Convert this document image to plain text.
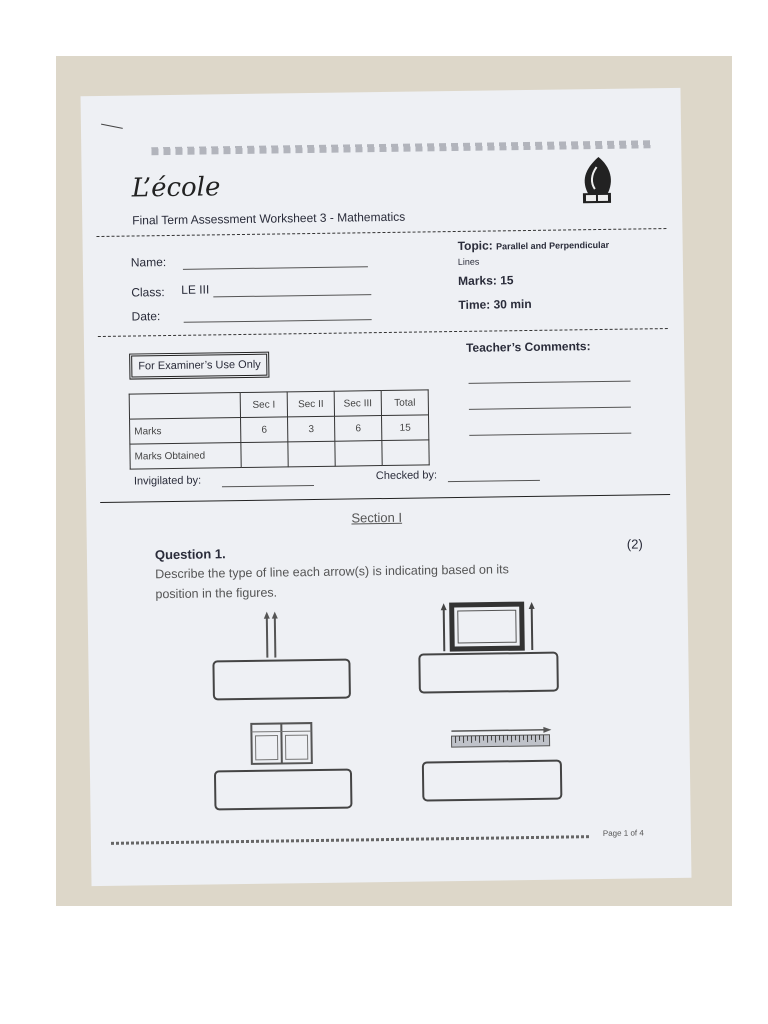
L’école
Final Term Assessment Worksheet 3 - Mathematics
Name:
Class: LE III
Date:
Topic: Parallel and Perpendicular
Lines
Marks: 15
Time: 30 min
For Examiner’s Use Only
	Sec I	Sec II	Sec III	Total
Marks	6	3	6	15
Marks Obtained				
Invigilated by:	Checked by:
Teacher’s Comments:
Section I
Question 1.
(2)
Describe the type of line each arrow(s) is indicating based on its
position in the figures.
Page 1 of 4
